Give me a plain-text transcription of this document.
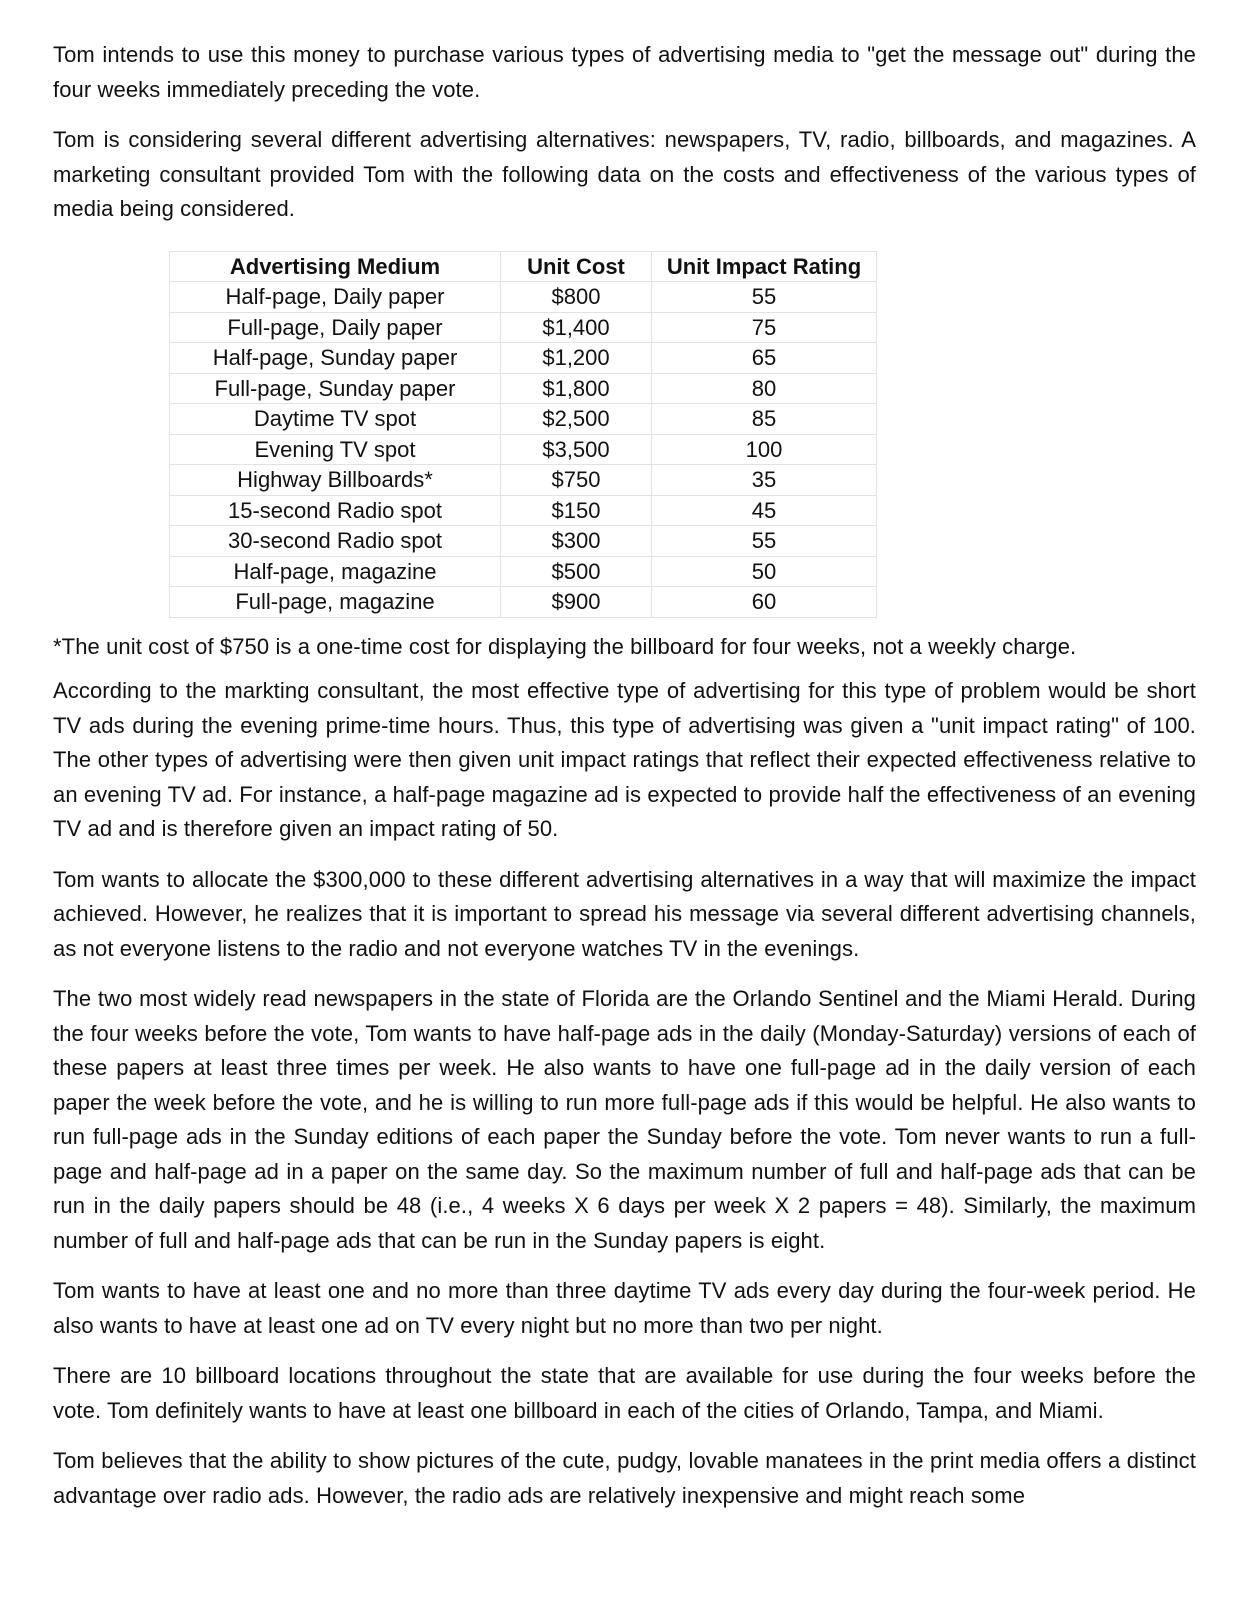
Tom intends to use this money to purchase various types of advertising media to "get the message out" during the four weeks immediately preceding the vote.

Tom is considering several different advertising alternatives: newspapers, TV, radio, billboards, and magazines. A marketing consultant provided Tom with the following data on the costs and effectiveness of the various types of media being considered.

Advertising Medium	Unit Cost	Unit Impact Rating
Half-page, Daily paper	$800	55
Full-page, Daily paper	$1,400	75
Half-page, Sunday paper	$1,200	65
Full-page, Sunday paper	$1,800	80
Daytime TV spot	$2,500	85
Evening TV spot	$3,500	100
Highway Billboards*	$750	35
15-second Radio spot	$150	45
30-second Radio spot	$300	55
Half-page, magazine	$500	50
Full-page, magazine	$900	60

*The unit cost of $750 is a one-time cost for displaying the billboard for four weeks, not a weekly charge.

According to the markting consultant, the most effective type of advertising for this type of problem would be short TV ads during the evening prime-time hours. Thus, this type of advertising was given a "unit impact rating" of 100. The other types of advertising were then given unit impact ratings that reflect their expected effectiveness relative to an evening TV ad. For instance, a half-page magazine ad is expected to provide half the effectiveness of an evening TV ad and is therefore given an impact rating of 50.

Tom wants to allocate the $300,000 to these different advertising alternatives in a way that will maximize the impact achieved. However, he realizes that it is important to spread his message via several different advertising channels, as not everyone listens to the radio and not everyone watches TV in the evenings.

The two most widely read newspapers in the state of Florida are the Orlando Sentinel and the Miami Herald. During the four weeks before the vote, Tom wants to have half-page ads in the daily (Monday-Saturday) versions of each of these papers at least three times per week. He also wants to have one full-page ad in the daily version of each paper the week before the vote, and he is willing to run more full-page ads if this would be helpful. He also wants to run full-page ads in the Sunday editions of each paper the Sunday before the vote. Tom never wants to run a full-page and half-page ad in a paper on the same day. So the maximum number of full and half-page ads that can be run in the daily papers should be 48 (i.e., 4 weeks X 6 days per week X 2 papers = 48). Similarly, the maximum number of full and half-page ads that can be run in the Sunday papers is eight.

Tom wants to have at least one and no more than three daytime TV ads every day during the four-week period. He also wants to have at least one ad on TV every night but no more than two per night.

There are 10 billboard locations throughout the state that are available for use during the four weeks before the vote. Tom definitely wants to have at least one billboard in each of the cities of Orlando, Tampa, and Miami.

Tom believes that the ability to show pictures of the cute, pudgy, lovable manatees in the print media offers a distinct advantage over radio ads. However, the radio ads are relatively inexpensive and might reach some
